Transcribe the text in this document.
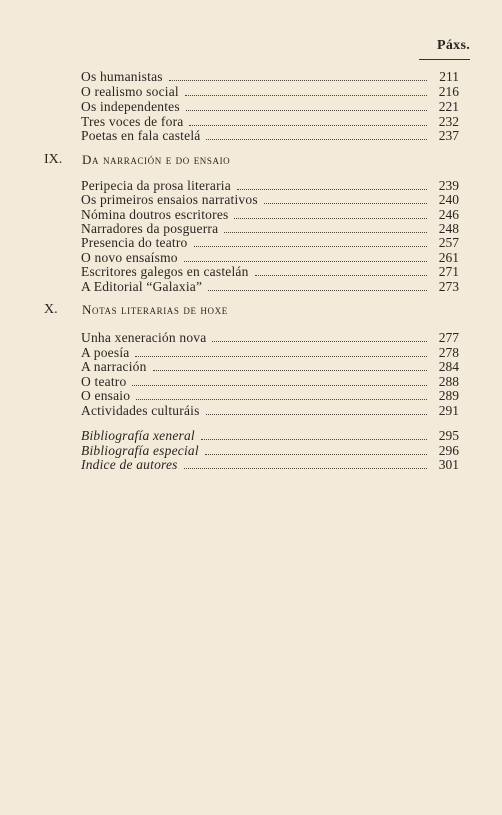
Páxs.
Os humanistas	211
O realismo social	216
Os independentes	221
Tres voces de fora	232
Poetas en fala castelá	237
IX.	Da narración e do ensaio
Peripecia da prosa literaria	239
Os primeiros ensaios narrativos	240
Nómina doutros escritores	246
Narradores da posguerra	248
Presencia do teatro	257
O novo ensaísmo	261
Escritores galegos en castelán	271
A Editorial “Galaxia”	273
X.	Notas literarias de hoxe
Unha xeneración nova	277
A poesía	278
A narración	284
O teatro	288
O ensaio	289
Actividades culturáis	291
Bibliografía xeneral	295
Bibliografía especial	296
Indice de autores	301
